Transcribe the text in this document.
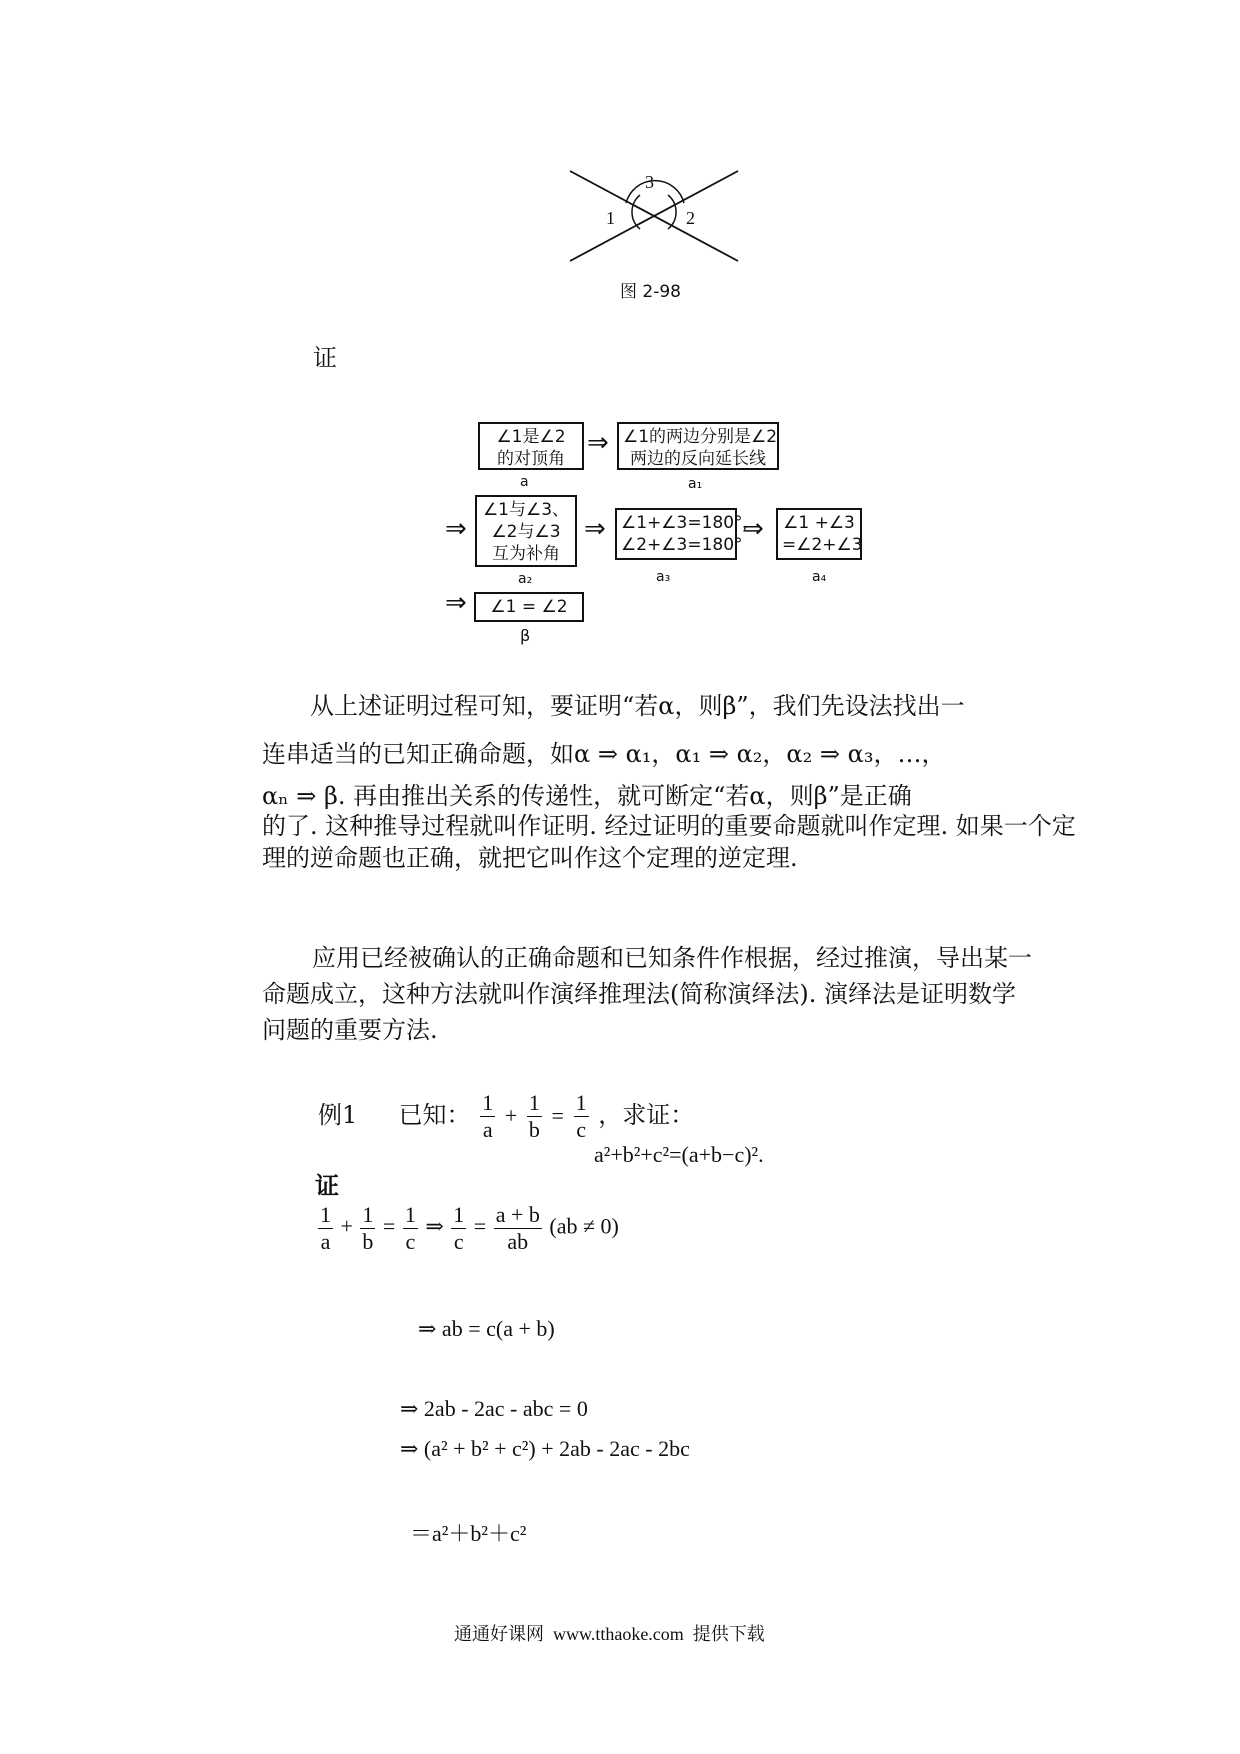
3
1	2
图 2-98
证
∠1是∠2
的对顶角
a
⇒ ∠1的两边分别是∠2
两边的反向延长线
a₁
⇒
∠1与∠3、
∠2与∠3
互为补角
a₂
⇒ ∠1+∠3=180°,
∠2+∠3=180°
a₃
⇒ ∠1 +∠3
=∠2+∠3
a₄
⇒	∠1 = ∠2
β
从上述证明过程可知，要证明“若α，则β”，我们先设法找出一
连串适当的已知正确命题，如α ⇒ α₁，α₁ ⇒ α₂，α₂ ⇒ α₃，…，
αₙ ⇒ β. 再由推出关系的传递性，就可断定“若α，则β”是正确
的了. 这种推导过程就叫作证明. 经过证明的重要命题就叫作定理. 如果一个定
理的逆命题也正确，就把它叫作这个定理的逆定理.
应用已经被确认的正确命题和已知条件作根据，经过推演，导出某一
命题成立，这种方法就叫作演绎推理法(简称演绎法). 演绎法是证明数学
问题的重要方法.
例1 已知： $\frac{1}{a} + \frac{1}{b} = \frac{1}{c}$ ，求证：
a²+b²+c²=(a+b−c)².
证
$\frac{1}{a} + \frac{1}{b} = \frac{1}{c}$ ⇒ $\frac{1}{c} = \frac{a + b}{ab} (ab \ne 0)$
⇒ ab = c(a + b)
⇒ 2ab - 2ac - abc = 0
⇒ (a² + b² + c²) + 2ab - 2ac - 2bc
＝a²＋b²＋c²
通通好课网  www.tthaoke.com  提供下载
